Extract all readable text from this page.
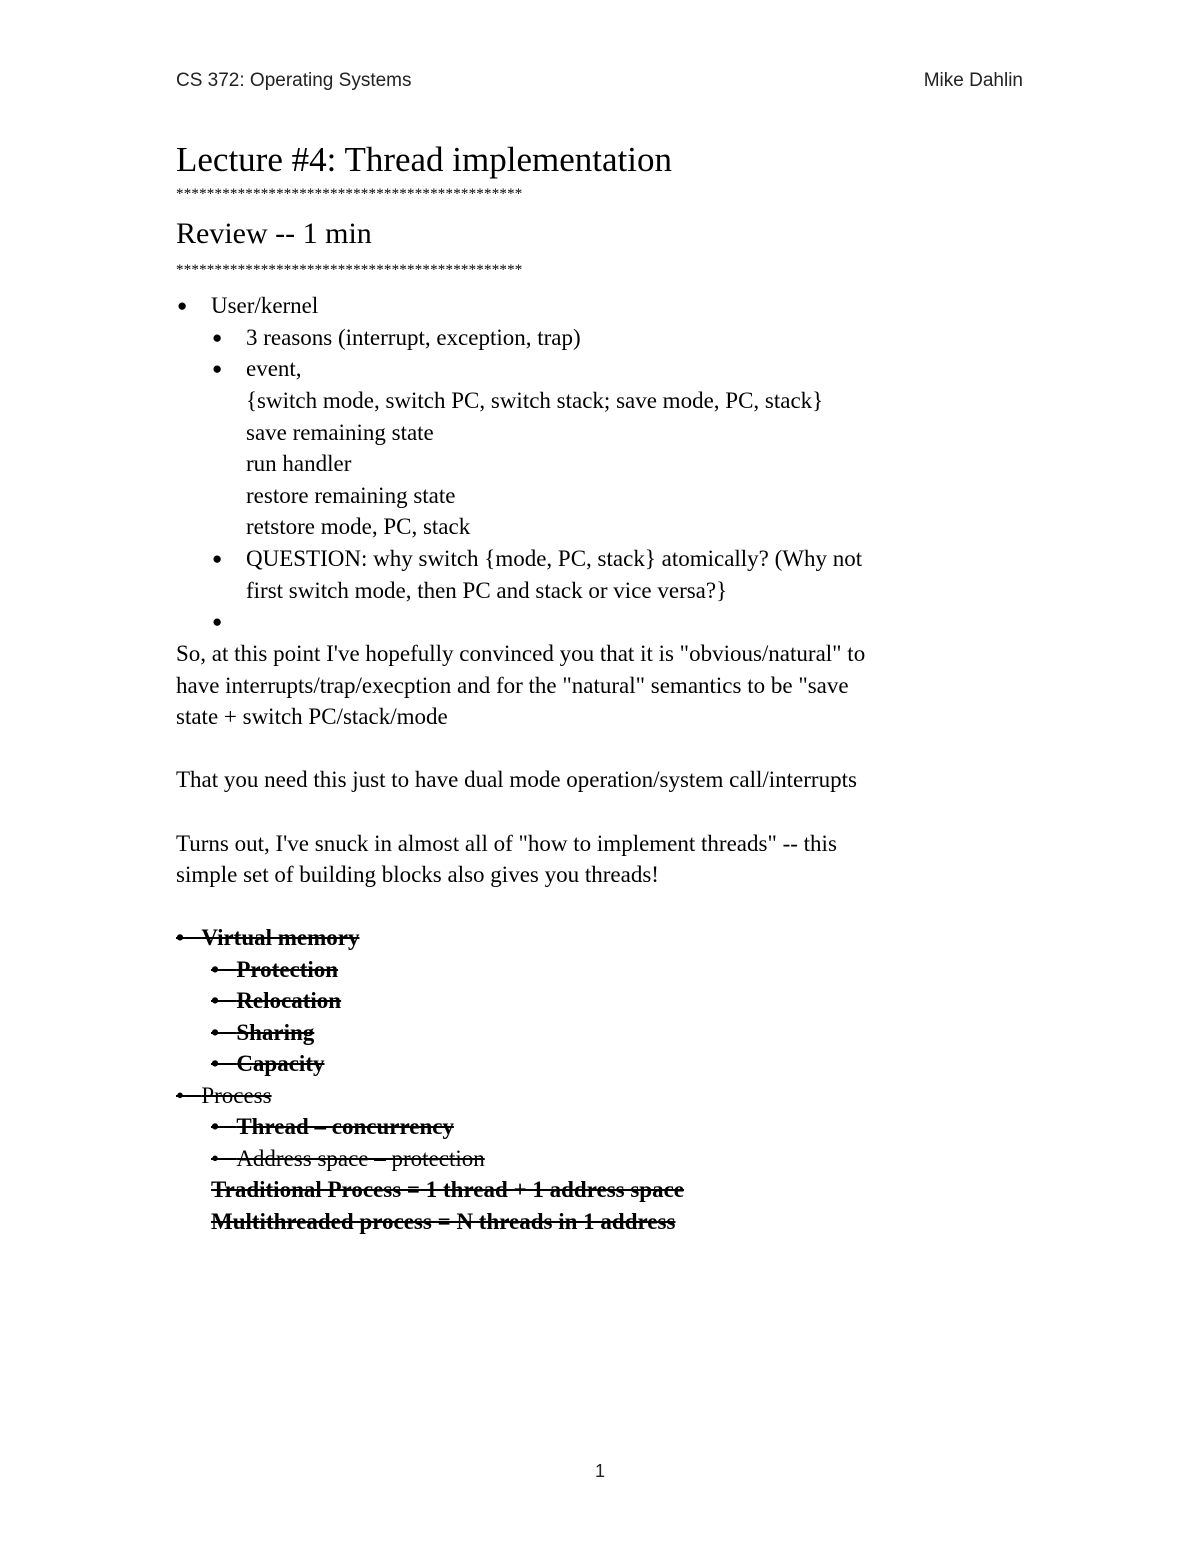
CS 372: Operating Systems	Mike Dahlin
Lecture #4: Thread implementation
*********************************************
Review -- 1 min
*********************************************
● User/kernel
● 3 reasons (interrupt, exception, trap)
● event,
{switch mode, switch PC, switch stack; save mode, PC, stack}
save remaining state
run handler
restore remaining state
retstore mode, PC, stack
● QUESTION: why switch {mode, PC, stack} atomically? (Why not
first switch mode, then PC and stack or vice versa?}
●
So, at this point I've hopefully convinced you that it is "obvious/natural" to
have interrupts/trap/execption and for the "natural" semantics to be "save
state + switch PC/stack/mode
That you need this just to have dual mode operation/system call/interrupts
Turns out, I've snuck in almost all of "how to implement threads" -- this
simple set of building blocks also gives you threads!
• Virtual memory
• Protection
• Relocation
• Sharing
• Capacity
• Process
• Thread – concurrency
• Address space – protection
Traditional Process = 1 thread + 1 address space
Multithreaded process = N threads in 1 address
1
